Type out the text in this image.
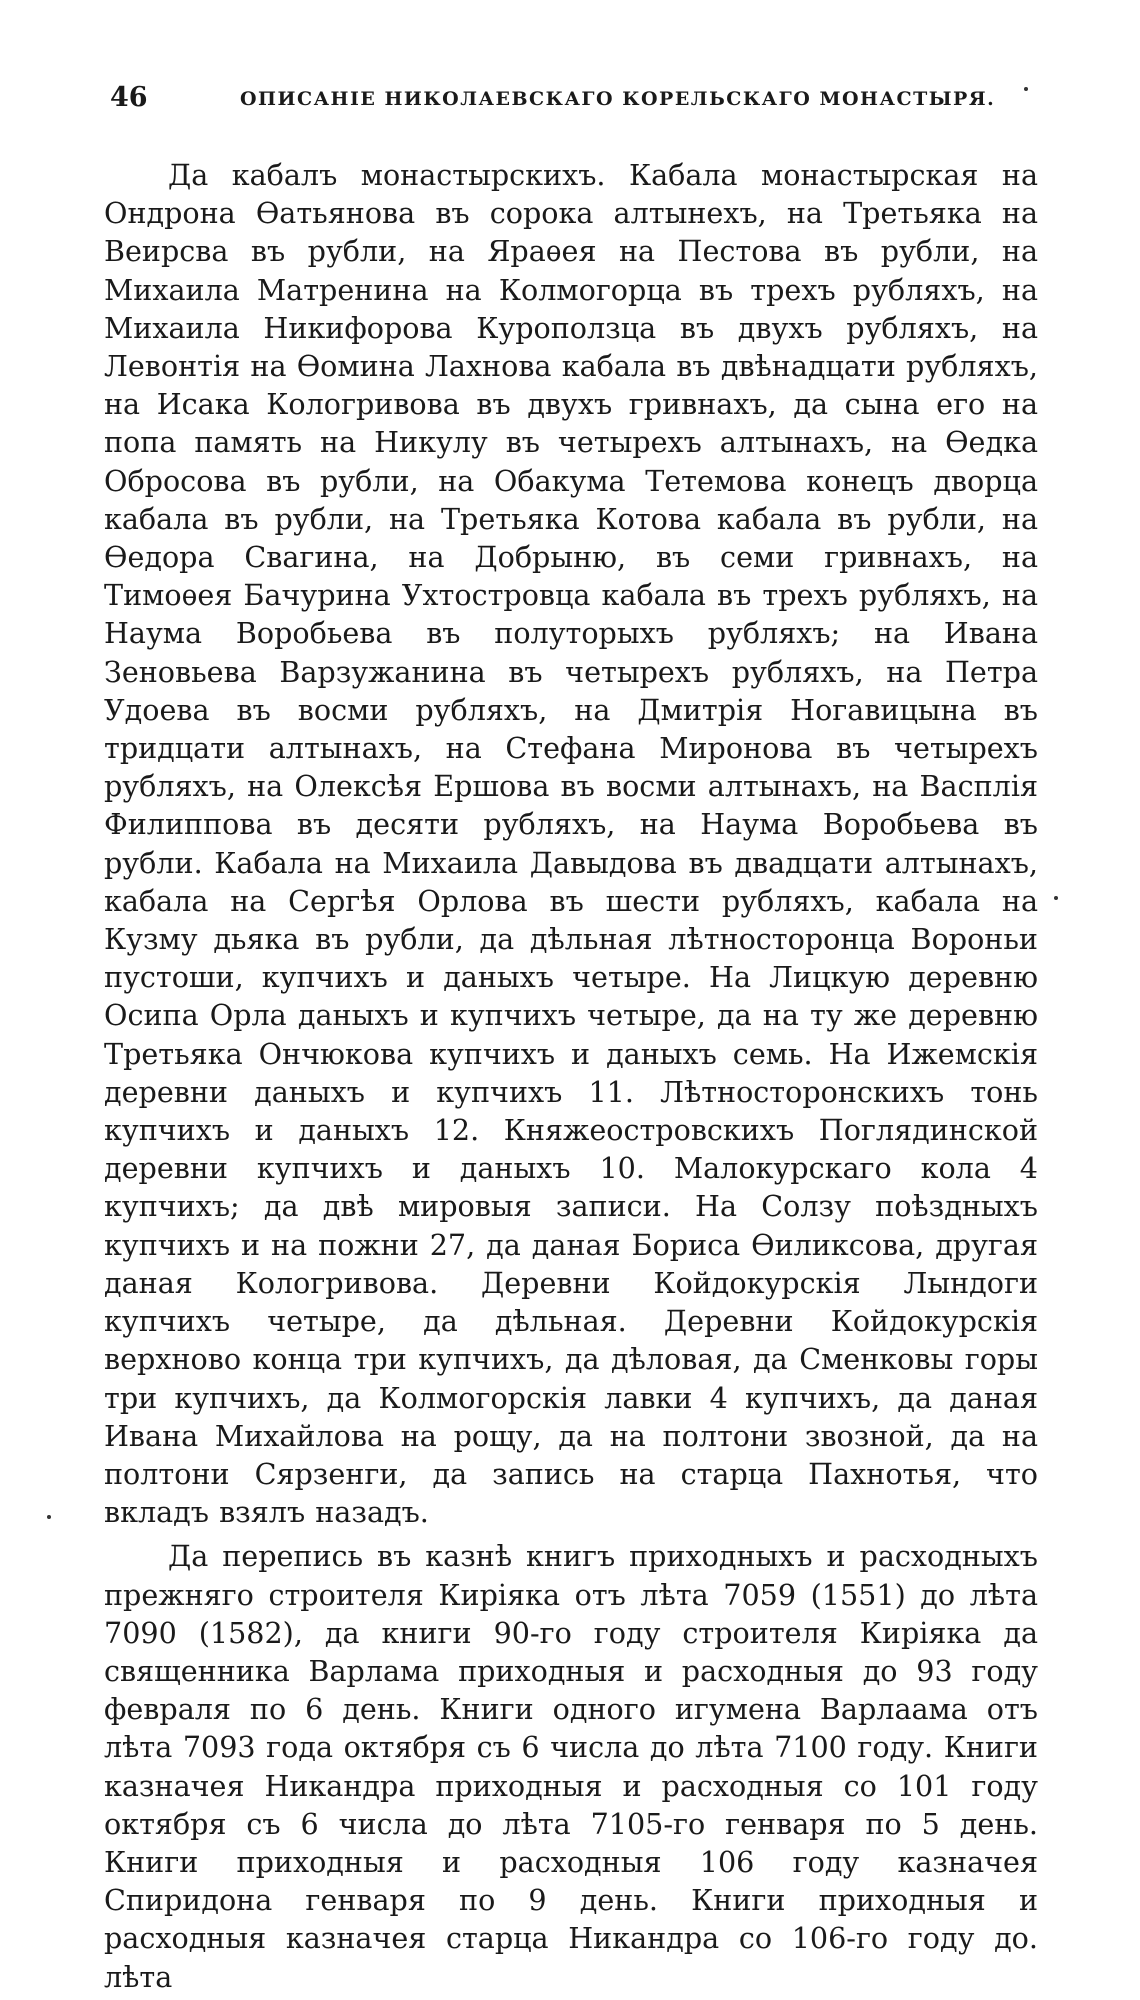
46	ОПИСАНІЕ НИКОЛАЕВСКАГО КОРЕЛЬСКАГО МОНАСТЫРЯ.

Да кабалъ монастырскихъ. Кабала монастырская на Ондрона Ѳатьянова въ сорока алтынехъ, на Третьяка на Веирсва въ рубли, на Яраѳея на Пестова въ рубли, на Михаила Матренина на Колмогорца въ трехъ рубляхъ, на Михаила Никифорова Куроползца въ двухъ рубляхъ, на Левонтія на Ѳомина Лахнова кабала въ двѣнадцати рубляхъ, на Исака Кологривова въ двухъ гривнахъ, да сына его на попа память на Никулу въ четырехъ алтынахъ, на Ѳедка Обросова въ рубли, на Обакума Тетемова конецъ дворца кабала въ рубли, на Третьяка Котова кабала въ рубли, на Ѳедора Свагина, на Добрыню, въ семи гривнахъ, на Тимоѳея Бачурина Ухтостровца кабала въ трехъ рубляхъ, на Наума Воробьева въ полуторыхъ рубляхъ; на Ивана Зеновьева Варзужанина въ четырехъ рубляхъ, на Петра Удоева въ восми рубляхъ, на Дмитрія Ногавицына въ тридцати алтынахъ, на Стефана Миронова въ четырехъ рубляхъ, на Олексѣя Ершова въ восми алтынахъ, на Васплія Филиппова въ десяти рубляхъ, на Наума Воробьева въ рубли. Кабала на Михаила Давыдова въ двадцати алтынахъ, кабала на Сергѣя Орлова въ шести рубляхъ, кабала на Кузму дьяка въ рубли, да дѣльная лѣтносторонца Вороньи пустоши, купчихъ и даныхъ четыре. На Лицкую деревню Осипа Орла даныхъ и купчихъ четыре, да на ту же деревню Третьяка Ончюкова купчихъ и даныхъ семь. На Ижемскія деревни даныхъ и купчихъ 11. Лѣтносторонскихъ тонь купчихъ и даныхъ 12. Княжеостровскихъ Поглядинской деревни купчихъ и даныхъ 10. Малокурскаго кола 4 купчихъ; да двѣ мировыя записи. На Солзу поѣздныхъ купчихъ и на пожни 27, да даная Бориса Ѳиликсова, другая даная Кологривова. Деревни Койдокурскія Лындоги купчихъ четыре, да дѣльная. Деревни Койдокурскія верхново конца три купчихъ, да дѣловая, да Сменковы горы три купчихъ, да Колмогорскія лавки 4 купчихъ, да даная Ивана Михайлова на рощу, да на полтони звозной, да на полтони Сярзенги, да запись на старца Пахнотья, что вкладъ взялъ назадъ.

Да перепись въ казнѣ книгъ приходныхъ и расходныхъ прежняго строителя Киріяка отъ лѣта 7059 (1551) до лѣта 7090 (1582), да книги 90-го году строителя Киріяка да священника Варлама приходныя и расходныя до 93 году февраля по 6 день. Книги одного игумена Варлаама отъ лѣта 7093 года октября съ 6 числа до лѣта 7100 году. Книги казначея Никандра приходныя и расходныя со 101 году октября съ 6 числа до лѣта 7105-го генваря по 5 день. Книги приходныя и расходныя 106 году казначея Спиридона генваря по 9 день. Книги приходныя и расходныя казначея старца Никандра со 106-го году до. лѣта
